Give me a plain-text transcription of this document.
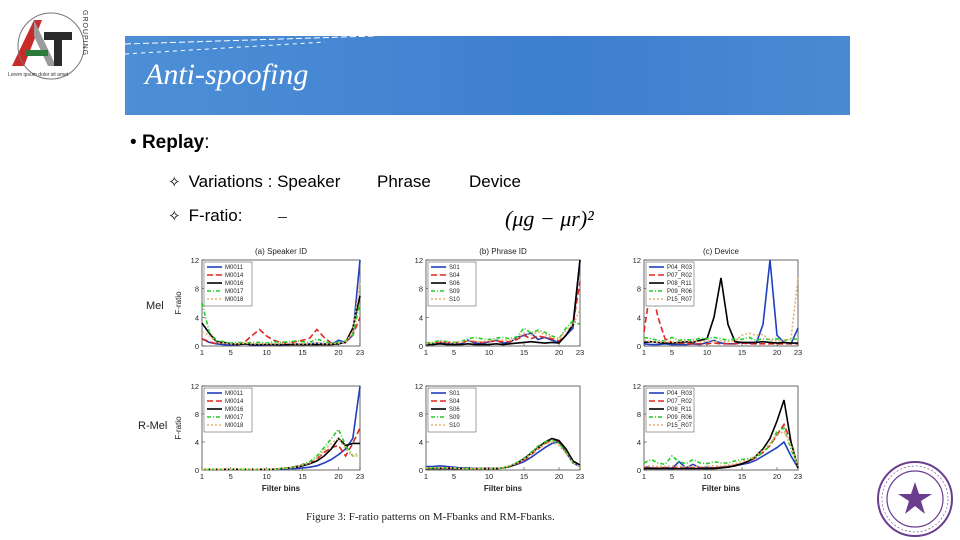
Lorem ipsum dolor sit amet
GROUPING
Anti-spoofing
• Replay:
✧ Variations : Speaker Phrase Device
✧ F-ratio:	(μg − μr)²
Mel
R-Mel
(a) Speaker ID
F-ratio
0
4
8
12
1	5	10	15	20 23
M0011
M0014
M0016
M0017
M0018
(b) Phrase ID
0
4
8
12
1	5	10	15	20 23
S01
S04
S06
S09
S10
(c) Device
0
4
8
12
1	5	10	15	20 23
P04_R03
P07_R02
P08_R11
P09_R06
P15_R07
F-ratio
Filter bins
0
4
8
12
1	5	10	15	20 23
M0011
M0014
M0016
M0017
M0018
Filter bins
0
4
8
12
1	5	10	15	20 23
S01
S04
S06
S09
S10
Filter bins
0
4
8
12
1	5	10	15	20 23
P04_R03
P07_R02
P08_R11
P09_R06
P15_R07
Figure 3: F-ratio patterns on M-Fbanks and RM-Fbanks.
